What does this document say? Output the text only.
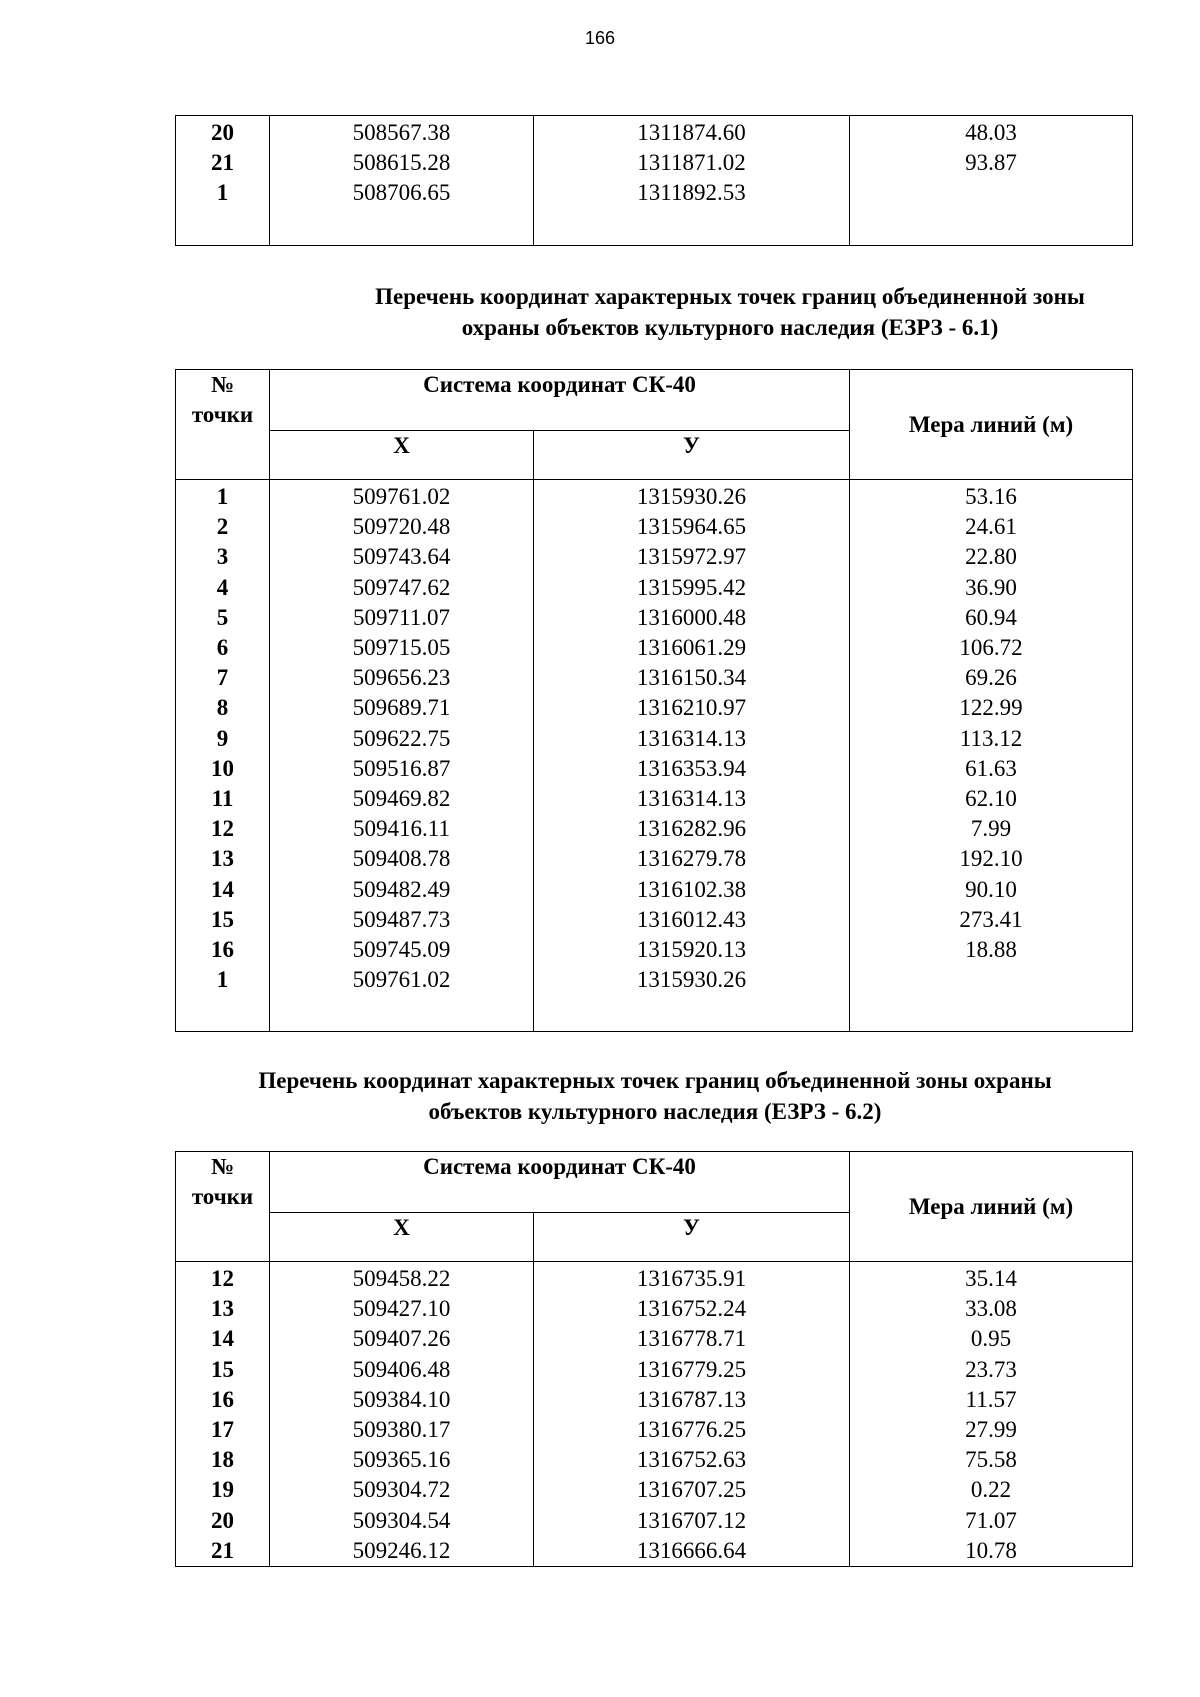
166
20	508567.38	1311874.60	48.03
21	508615.28	1311871.02	93.87
1	508706.65	1311892.53	

Перечень координат характерных точек границ объединенной зоны
охраны объектов культурного наследия (ЕЗРЗ - 6.1)
№
точки	Система координат СК-40		Мера линий (м)
	Х	У	
1	509761.02	1315930.26	53.16
2	509720.48	1315964.65	24.61
3	509743.64	1315972.97	22.80
4	509747.62	1315995.42	36.90
5	509711.07	1316000.48	60.94
6	509715.05	1316061.29	106.72
7	509656.23	1316150.34	69.26
8	509689.71	1316210.97	122.99
9	509622.75	1316314.13	113.12
10	509516.87	1316353.94	61.63
11	509469.82	1316314.13	62.10
12	509416.11	1316282.96	7.99
13	509408.78	1316279.78	192.10
14	509482.49	1316102.38	90.10
15	509487.73	1316012.43	273.41
16	509745.09	1315920.13	18.88
1	509761.02	1315930.26	

Перечень координат характерных точек границ объединенной зоны охраны
объектов культурного наследия (ЕЗРЗ - 6.2)
№
точки	Система координат СК-40		Мера линий (м)
	Х	У	
12	509458.22	1316735.91	35.14
13	509427.10	1316752.24	33.08
14	509407.26	1316778.71	0.95
15	509406.48	1316779.25	23.73
16	509384.10	1316787.13	11.57
17	509380.17	1316776.25	27.99
18	509365.16	1316752.63	75.58
19	509304.72	1316707.25	0.22
20	509304.54	1316707.12	71.07
21	509246.12	1316666.64	10.78
